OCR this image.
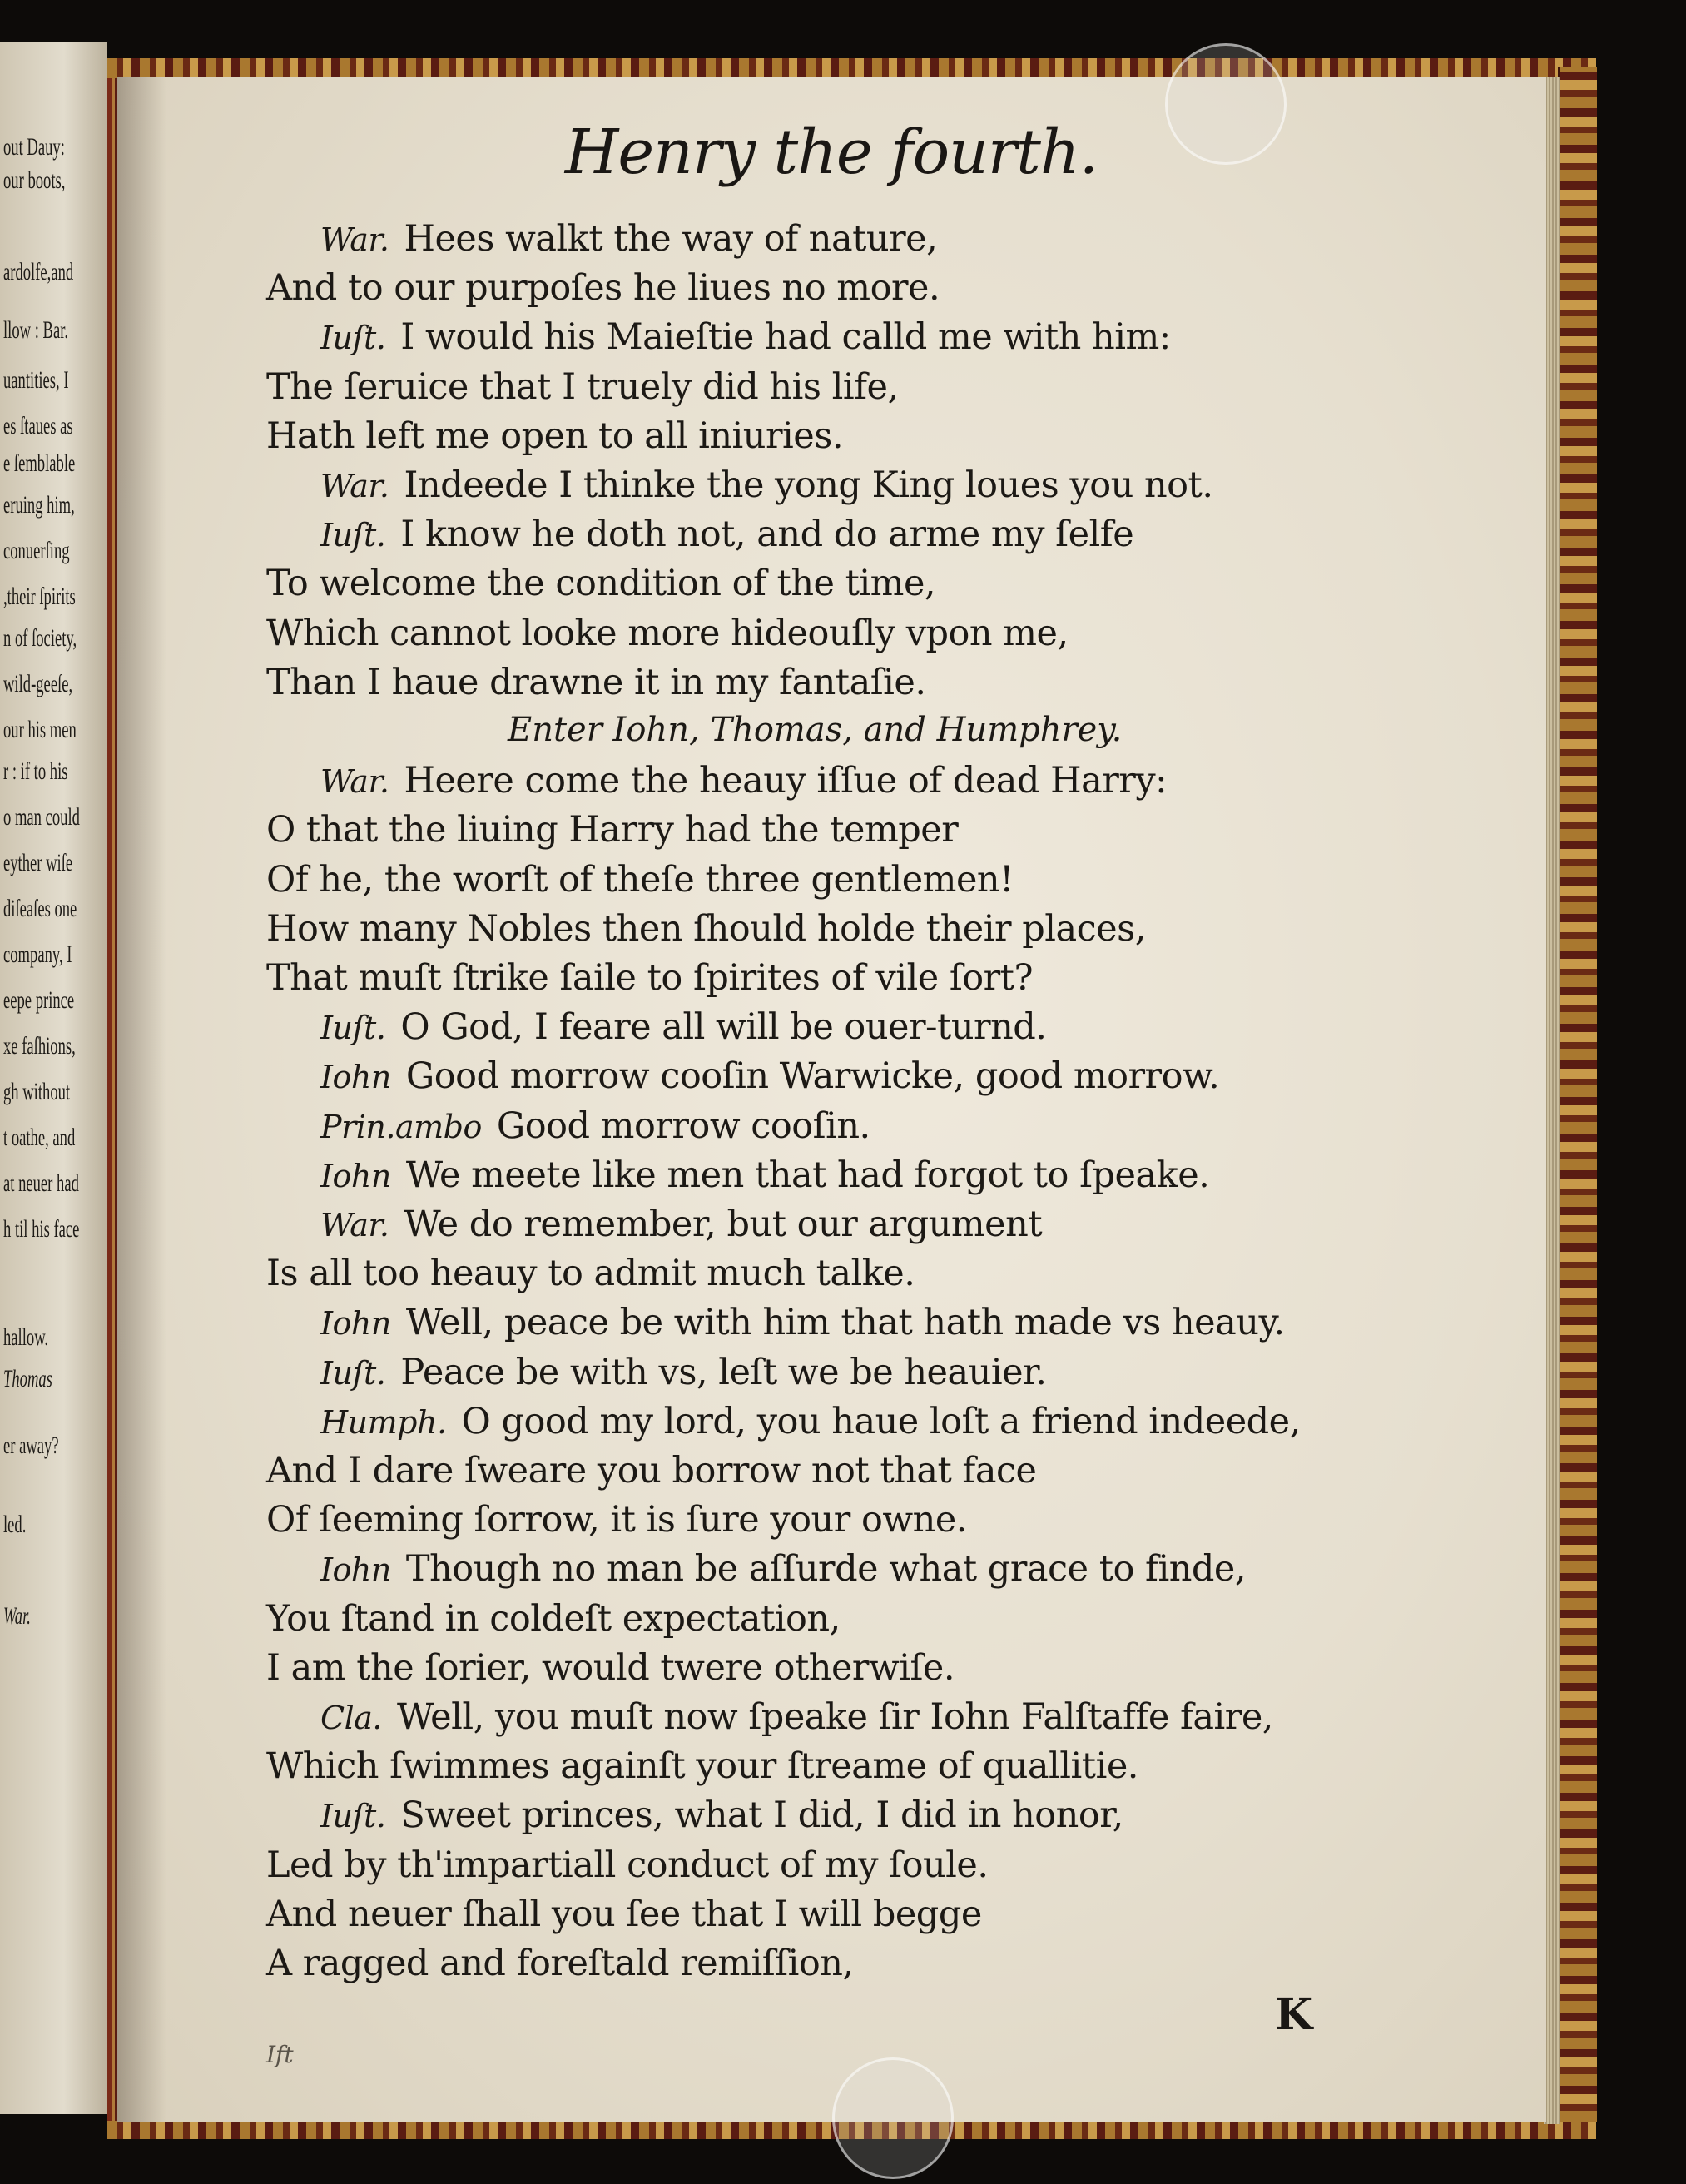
out Dauy:
our boots,
ardolfe,and
llow : Bar.
uantities, I
es ſtaues as
e ſemblable
eruing him,
conuerſing
,their ſpirits
n of ſociety,
wild-geeſe,
our his men
r : if to his
o man could
eyther wiſe
diſeaſes one
company, I
eepe prince
xe faſhions,
gh without
t oathe, and
at neuer had
h til his face
hallow.
Thomas
er away?
led.
War.
Henry the fourth.
K
Ift
War. Hees walkt the way of nature,
And to our purpoſes he liues no more.
Iuſt. I would his Maieſtie had calld me with him:
The ſeruice that I truely did his life,
Hath left me open to all iniuries.
War. Indeede I thinke the yong King loues you not.
Iuſt. I know he doth not, and do arme my ſelfe
To welcome the condition of the time,
Which cannot looke more hideouſly vpon me,
Than I haue drawne it in my fantaſie.
Enter Iohn, Thomas, and Humphrey.
War. Heere come the heauy iſſue of dead Harry:
O that the liuing Harry had the temper
Of he, the worſt of theſe three gentlemen!
How many Nobles then ſhould holde their places,
That muſt ſtrike ſaile to ſpirites of vile ſort?
Iuſt. O God, I feare all will be ouer-turnd.
Iohn Good morrow cooſin Warwicke, good morrow.
Prin.ambo Good morrow cooſin.
Iohn We meete like men that had forgot to ſpeake.
War. We do remember, but our argument
Is all too heauy to admit much talke.
Iohn Well, peace be with him that hath made vs heauy.
Iuſt. Peace be with vs, leſt we be heauier.
Humph. O good my lord, you haue loſt a friend indeede,
And I dare ſweare you borrow not that face
Of ſeeming ſorrow, it is ſure your owne.
Iohn Though no man be aſſurde what grace to finde,
You ſtand in coldeſt expectation,
I am the ſorier, would twere otherwiſe.
Cla. Well, you muſt now ſpeake ſir Iohn Falſtaffe faire,
Which ſwimmes againſt your ſtreame of quallitie.
Iuſt. Sweet princes, what I did, I did in honor,
Led by th'impartiall conduct of my ſoule.
And neuer ſhall you ſee that I will begge
A ragged and foreſtald remiſſion,
